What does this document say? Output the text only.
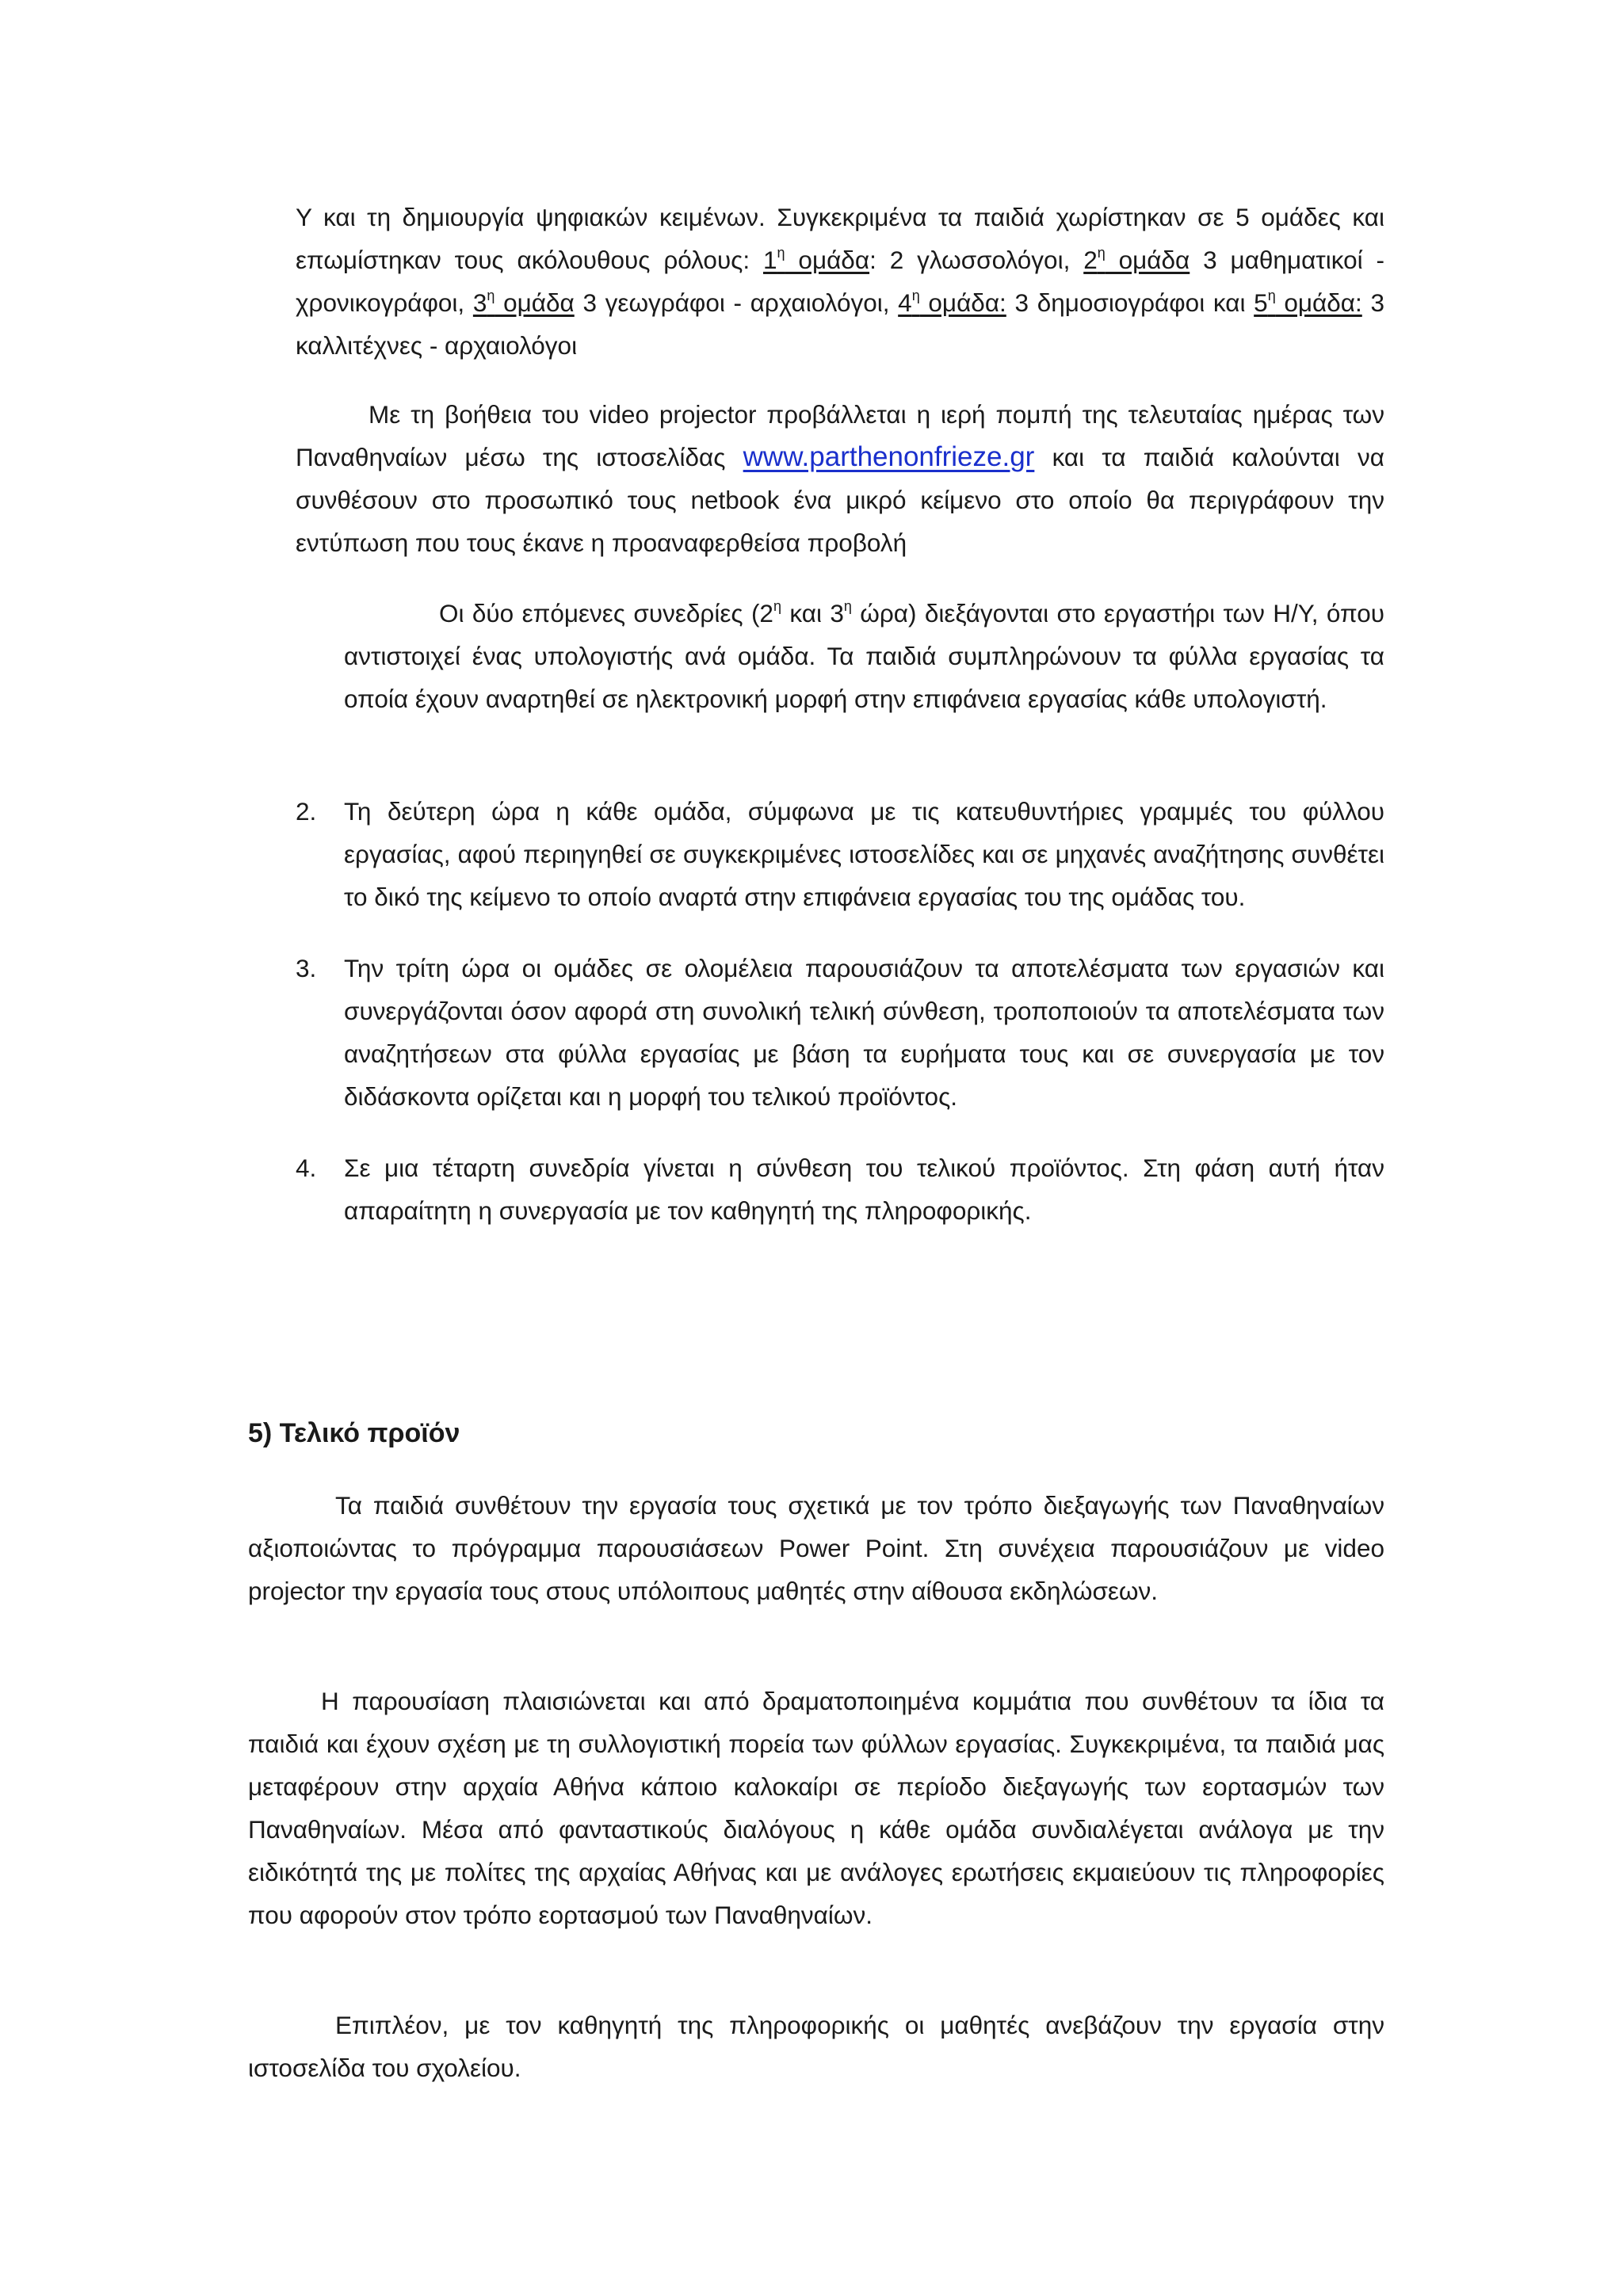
Υ και τη δημιουργία ψηφιακών κειμένων. Συγκεκριμένα τα παιδιά χωρίστηκαν σε 5 ομάδες και επωμίστηκαν τους ακόλουθους ρόλους: $1^\eta$ ομάδα: 2 γλωσσολόγοι, $2^\eta$ ομάδα 3 μαθηματικοί - χρονικογράφοι, $3^\eta$ ομάδα 3 γεωγράφοι - αρχαιολόγοι, $4^\eta$ ομάδα: 3 δημοσιογράφοι και $5^\eta$ ομάδα: 3 καλλιτέχνες - αρχαιολόγοι
Με τη βοήθεια του video projector προβάλλεται η ιερή πομπή της τελευταίας ημέρας των Παναθηναίων μέσω της ιστοσελίδας www.parthenonfrieze.gr και τα παιδιά καλούνται να συνθέσουν στο προσωπικό τους netbook ένα μικρό κείμενο στο οποίο θα περιγράφουν την εντύπωση που τους έκανε η προαναφερθείσα προβολή
Οι δύο επόμενες συνεδρίες ($2^\eta$ και $3^\eta$ ώρα) διεξάγονται στο εργαστήρι των Η/Υ, όπου αντιστοιχεί ένας υπολογιστής ανά ομάδα. Τα παιδιά συμπληρώνουν τα φύλλα εργασίας τα οποία έχουν αναρτηθεί σε ηλεκτρονική μορφή στην επιφάνεια εργασίας κάθε υπολογιστή.
2. Τη δεύτερη ώρα η κάθε ομάδα, σύμφωνα με τις κατευθυντήριες γραμμές του φύλλου εργασίας, αφού περιηγηθεί σε συγκεκριμένες ιστοσελίδες και σε μηχανές αναζήτησης συνθέτει το δικό της κείμενο το οποίο αναρτά στην επιφάνεια εργασίας του της ομάδας του.
3. Την τρίτη ώρα οι ομάδες σε ολομέλεια παρουσιάζουν τα αποτελέσματα των εργασιών και συνεργάζονται όσον αφορά στη συνολική τελική σύνθεση, τροποποιούν τα αποτελέσματα των αναζητήσεων στα φύλλα εργασίας με βάση τα ευρήματα τους και σε συνεργασία με τον διδάσκοντα ορίζεται και η μορφή του τελικού προϊόντος.
4. Σε μια τέταρτη συνεδρία γίνεται η σύνθεση του τελικού προϊόντος. Στη φάση αυτή ήταν απαραίτητη η συνεργασία με τον καθηγητή της πληροφορικής.
5) Τελικό προϊόν
Τα παιδιά συνθέτουν την εργασία τους σχετικά με τον τρόπο διεξαγωγής των Παναθηναίων αξιοποιώντας το πρόγραμμα παρουσιάσεων Power Point. Στη συνέχεια παρουσιάζουν με video projector την εργασία τους στους υπόλοιπους μαθητές στην αίθουσα εκδηλώσεων.
Η παρουσίαση πλαισιώνεται και από δραματοποιημένα κομμάτια που συνθέτουν τα ίδια τα παιδιά και έχουν σχέση με τη συλλογιστική πορεία των φύλλων εργασίας. Συγκεκριμένα, τα παιδιά μας μεταφέρουν στην αρχαία Αθήνα κάποιο καλοκαίρι σε περίοδο διεξαγωγής των εορτασμών των Παναθηναίων. Μέσα από φανταστικούς διαλόγους η κάθε ομάδα συνδιαλέγεται ανάλογα με την ειδικότητά της με πολίτες της αρχαίας Αθήνας και με ανάλογες ερωτήσεις εκμαιεύουν τις πληροφορίες που αφορούν στον τρόπο εορτασμού των Παναθηναίων.
Επιπλέον, με τον καθηγητή της πληροφορικής οι μαθητές ανεβάζουν την εργασία στην ιστοσελίδα του σχολείου.
